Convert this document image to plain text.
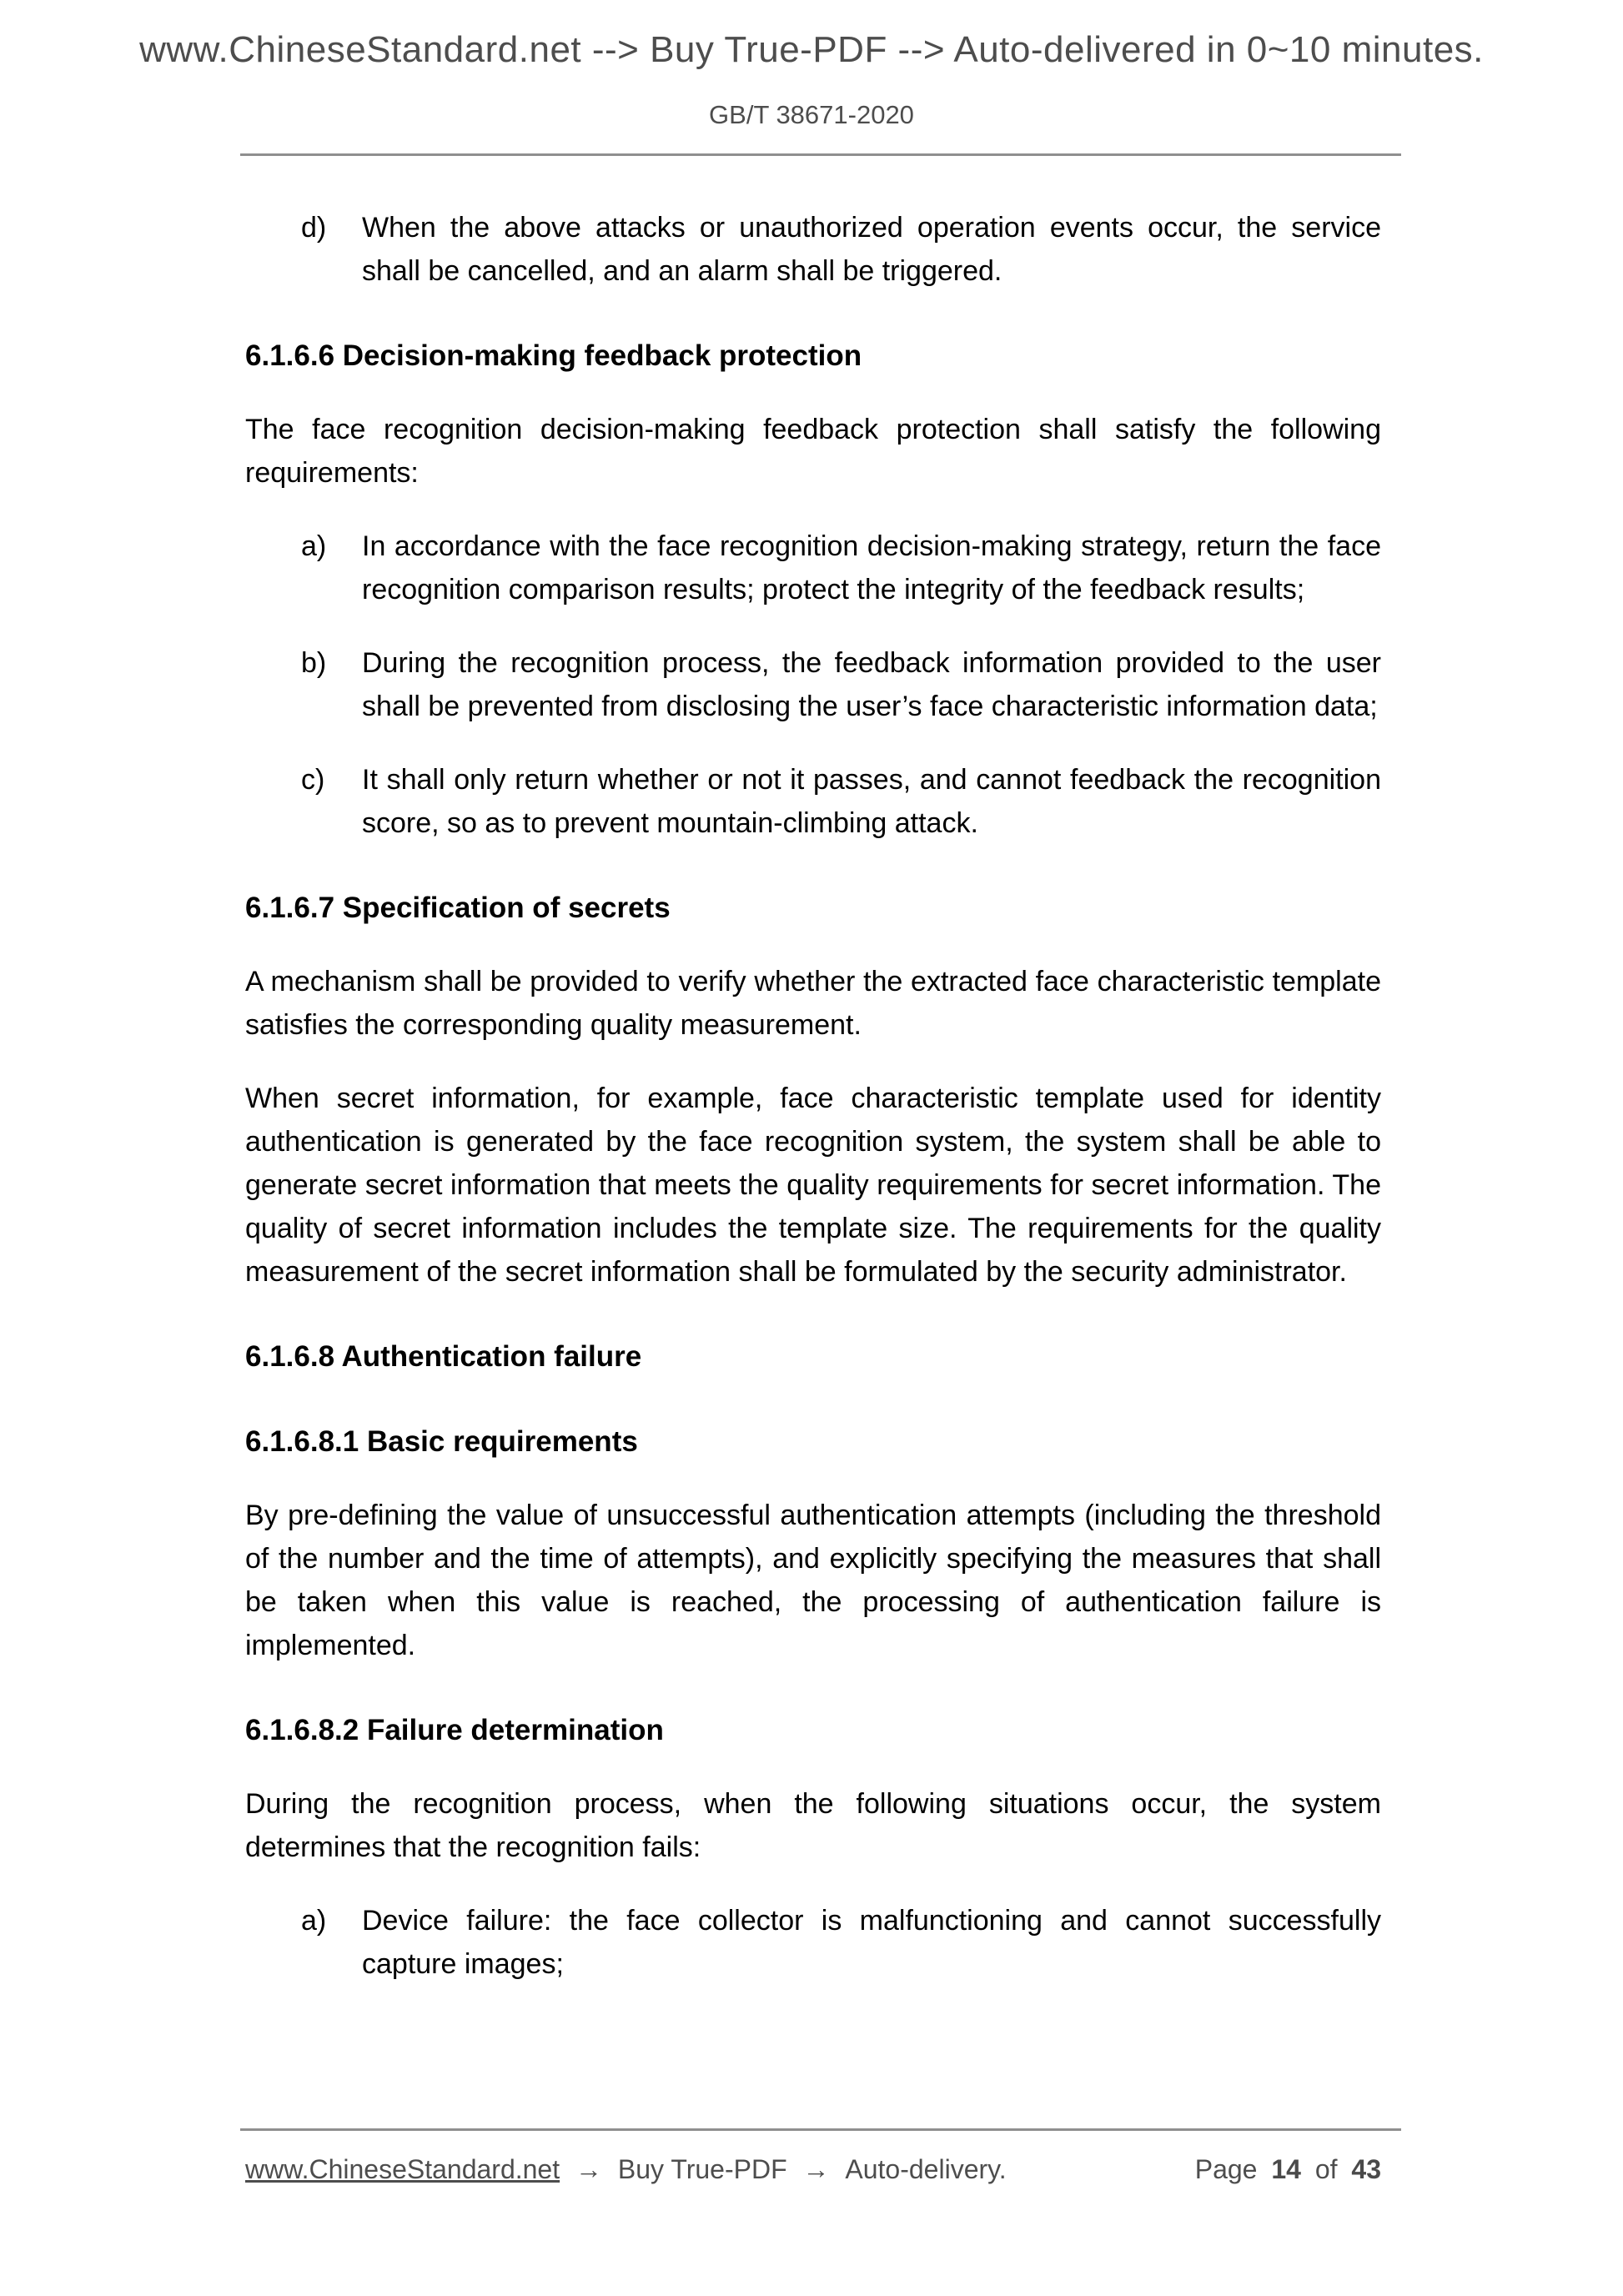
www.ChineseStandard.net --> Buy True-PDF --> Auto-delivered in 0~10 minutes.
GB/T 38671-2020
d)	When the above attacks or unauthorized operation events occur, the service shall be cancelled, and an alarm shall be triggered.
6.1.6.6 Decision-making feedback protection
The face recognition decision-making feedback protection shall satisfy the following requirements:
a)	In accordance with the face recognition decision-making strategy, return the face recognition comparison results; protect the integrity of the feedback results;
b)	During the recognition process, the feedback information provided to the user shall be prevented from disclosing the user’s face characteristic information data;
c)	It shall only return whether or not it passes, and cannot feedback the recognition score, so as to prevent mountain-climbing attack.
6.1.6.7 Specification of secrets
A mechanism shall be provided to verify whether the extracted face characteristic template satisfies the corresponding quality measurement.
When secret information, for example, face characteristic template used for identity authentication is generated by the face recognition system, the system shall be able to generate secret information that meets the quality requirements for secret information. The quality of secret information includes the template size. The requirements for the quality measurement of the secret information shall be formulated by the security administrator.
6.1.6.8 Authentication failure
6.1.6.8.1 Basic requirements
By pre-defining the value of unsuccessful authentication attempts (including the threshold of the number and the time of attempts), and explicitly specifying the measures that shall be taken when this value is reached, the processing of authentication failure is implemented.
6.1.6.8.2 Failure determination
During the recognition process, when the following situations occur, the system determines that the recognition fails:
a)	Device failure: the face collector is malfunctioning and cannot successfully capture images;
www.ChineseStandard.net → Buy True-PDF → Auto-delivery.	Page 14 of 43
